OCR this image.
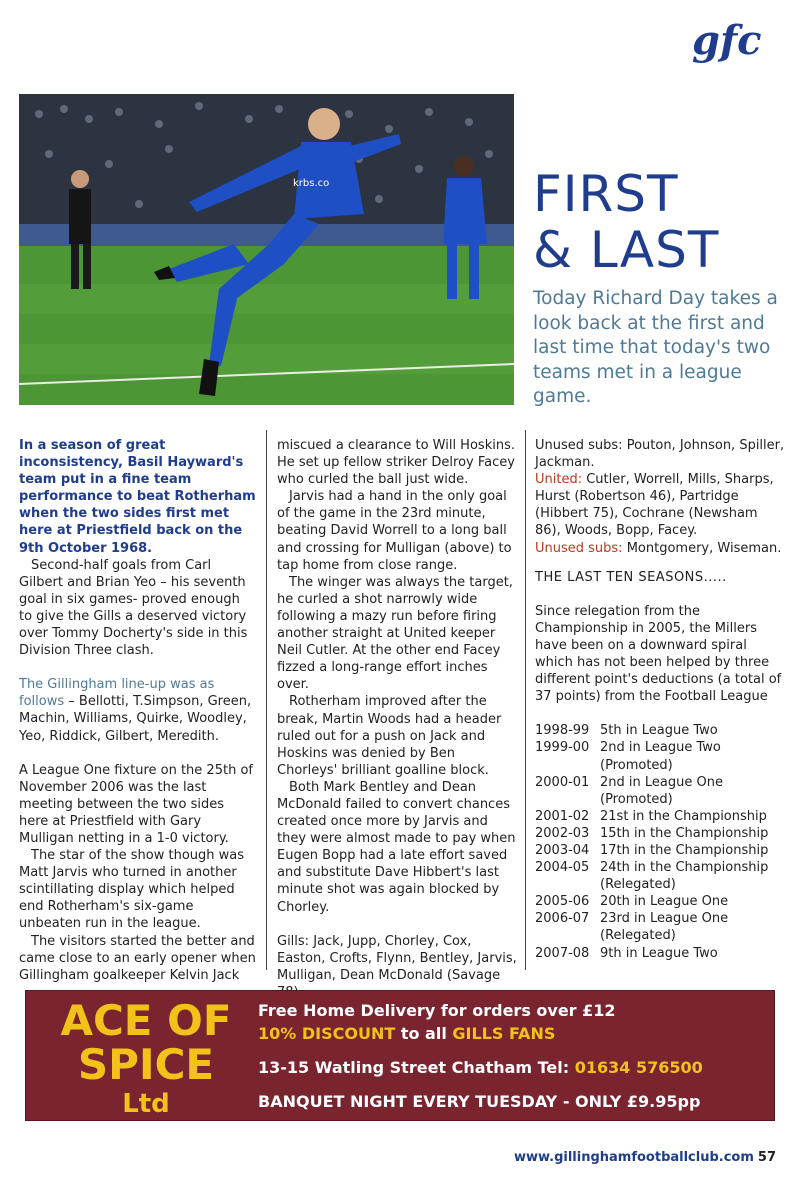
gfc
krbs.co	FIRST
& LAST

Today Richard Day takes a look back at the first and last time that today's two teams met in a league game.

In a season of great inconsistency, Basil Hayward's team put in a fine team performance to beat Rotherham when the two sides first met here at Priestfield back on the 9th October 1968.

Second-half goals from Carl Gilbert and Brian Yeo – his seventh goal in six games- proved enough to give the Gills a deserved victory over Tommy Docherty's side in this Division Three clash.

The Gillingham line-up was as follows – Bellotti, T.Simpson, Green, Machin, Williams, Quirke, Woodley, Yeo, Riddick, Gilbert, Meredith.

A League One fixture on the 25th of November 2006 was the last meeting between the two sides here at Priestfield with Gary Mulligan netting in a 1-0 victory.

The star of the show though was Matt Jarvis who turned in another scintillating display which helped end Rotherham's six-game unbeaten run in the league.

The visitors started the better and came close to an early opener when Gillingham goalkeeper Kelvin Jack

miscued a clearance to Will Hoskins. He set up fellow striker Delroy Facey who curled the ball just wide.

Jarvis had a hand in the only goal of the game in the 23rd minute, beating David Worrell to a long ball and crossing for Mulligan (above) to tap home from close range.

The winger was always the target, he curled a shot narrowly wide following a mazy run before firing another straight at United keeper Neil Cutler. At the other end Facey fizzed a long-range effort inches over.

Rotherham improved after the break, Martin Woods had a header ruled out for a push on Jack and Hoskins was denied by Ben Chorleys' brilliant goalline block.

Both Mark Bentley and Dean McDonald failed to convert chances created once more by Jarvis and they were almost made to pay when Eugen Bopp had a late effort saved and substitute Dave Hibbert's last minute shot was again blocked by Chorley.

Gills: Jack, Jupp, Chorley, Cox, Easton, Crofts, Flynn, Bentley, Jarvis, Mulligan, Dean McDonald (Savage

Unused subs: Pouton, Johnson, Spiller, Jackman.

United: Cutler, Worrell, Mills, Sharps, Hurst (Robertson 46), Partridge (Hibbert 75), Cochrane (Newsham 86), Woods, Bopp, Facey.

Unused subs: Montgomery, Wiseman.

THE LAST TEN SEASONS.....

Since relegation from the Championship in 2005, the Millers have been on a downward spiral which has not been helped by three different point's deductions (a total of 37 points) from the Football League

1998-99 5th in League Two
1999-00 2nd in League Two (Promoted)
2000-01 2nd in League One (Promoted)
2001-02 21st in the Championship
2002-03 15th in the Championship
2003-04 17th in the Championship
2004-05 24th in the Championship (Relegated)
2005-06 20th in League One
2006-07 23rd in League One (Relegated)
2007-08 9th in League Two
ACE OF
SPICE
Ltd
Free Home Delivery for orders over £12
10% DISCOUNT to all GILLS FANS
13-15 Watling Street Chatham Tel: 01634 576500
BANQUET NIGHT EVERY TUESDAY - ONLY £9.95pp
www.gillinghamfootballclub.com 57
